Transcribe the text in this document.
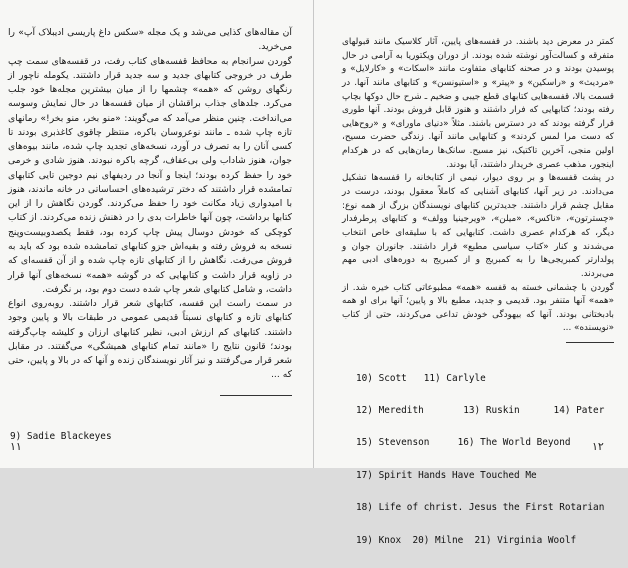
آن مقاله‌های کذایی می‌شد و یک مجله «سکس داغ پاریسی ادیبلاک آپ» را می‌خرید.

گوردن سرانجام به محافظ قفسه‌های کتاب رفت، در قفسه‌های سمت چپ طرف در خروجی کتابهای جدید و سه جدید قرار داشتند. یکومله ناچور از رنگهای روشن که «همه» چشمها را از میان بیشترین مجله‌ها خود جلب می‌کرد. جلدهای جذاب براقشان از میان قفسه‌ها در حال نمایش وسوسه می‌انداخت. چنین منظر می‌آمد که می‌گویند: «منو بخر، منو بخر!» رمانهای تازه چاپ شده ـ مانند نوعروسان باکره، منتظر چاقوی کاغذبری بودند تا کسی آنان را به تصرف در آورد، نسخه‌های تجدید چاپ شده، مانند بیوه‌های جوان، هنوز شاداب ولی بی‌عفاف، گرچه باکره نبودند. هنوز شادی و خرمی خود را حفظ کرده بودند؛ اینجا و آنجا در ردیفهای نیم دوجین تایی کتابهای تمامشده قرار داشتند که دختر ترشیده‌های احساساتی در خانه ماندند، هنوز با امیدواری زیاد مکانت خود را حفظ می‌کردند. گوردن نگاهش را از این کتابها برداشت، چون آنها خاطرات بدی را در ذهنش زنده می‌کردند. از کتاب کوچکی که خودش دوسال پیش چاپ کرده بود، فقط یکصدوبیست‌وپنج نسخه به فروش رفته و بقیه‌اش جزو کتابهای تمامشده شده بود که باید به فروش می‌رفت. نگاهش را از کتابهای تازه چاپ شده و از آن قفسه‌ای که در زاویه قرار داشت و کتابهایی که در گوشه «همه» نسخه‌های آنها قرار داشت، و شامل کتابهای شعر چاپ شده دست دوم بود، بر نگرفت.

در سمت راست این قفسه، کتابهای شعر قرار داشتند. روبه‌روی انواع کتابهای تازه و کتابهای نسبتاً قدیمی عمومی در طبقات بالا و پایین وجود داشتند. کتابهای کم ارزش ادبی، نظیر کتابهای ارزان و کلیشه چاپ‌گرفته بودند؛ قانون نتایج را «مانند تمام کتابهای همیشگی» می‌گفتند. در مقابل شعر قرار می‌گرفتند و نیز آثار نویسندگان زنده و آنها که در بالا و پایین، حتی که ...

9) Sadie Blackeyes

۱۱

کمتر در معرض دید باشند. در قفسه‌های پایین، آثار کلاسیک مانند قبولهای متفرقه و کسالت‌آور نوشته شده بودند. از دوران ویکتوریا به آرامی در حال پوسیدن بودند و در صحنه کتابهای متفاوت مانند «اسکات» و «کارلایل» و «مردیث» و «راسکین» و «پیتر» و «استیونسن» و کتابهای مانند آنها. در قسمت بالا، قفسه‌هایی کتابهای قطع جیبی و ضخیم ـ شرح حال دوکها بچاپ رفته بودند؛ کتابهایی که فرار داشتند و هنوز قابل فروش بودند. آنها طوری قرار گرفته بودند که در دسترس باشند. مثلاً «دنیای ماورای» و «روح‌هایی که دست مرا لمس کردند» و کتابهایی مانند آنها. زندگی حضرت مسیح، اولین منجی، آخرین تاکتیک، نیز مسیح. سانک‌ها رمان‌هایی که در هرکدام اینجور، مذهب عصری خریدار داشتند، آیا بودند.

در پشت قفسه‌ها و بر روی دیوار، نیمی از کتابخانه را قفسه‌ها تشکیل می‌دادند. در زیر آنها، کتابهای آشنایی که کاملاً معقول بودند، درست در مقابل چشم قرار داشتند. جدیدترین کتابهای نویسندگان بزرگ از همه نوع: «چسترتون»، «ناکس»، «میلن»، «ویرجینیا وولف» و کتابهای پرطرفدار دیگر، که هرکدام عصری داشت. کتابهایی که با سلیقه‌ای خاص انتخاب می‌شدند و کنار «کتاب سیاسی مطبع» قرار داشتند. جانوران جوان و پولدارتر کمبریجی‌ها را به کمبریج و از کمبریج به دوره‌های ادبی مهم می‌بردند.

گوردن با چشمانی خسته به قفسه «همه» مطبوعاتی کتاب خیره شد. از «همه» آنها متنفر بود. قدیمی و جدید، مطبع بالا و پایین؛ آنها برای او همه بادبختانی بودند. آنها که بیهودگی خودش تداعی می‌کردند، حتی از کتاب «نویسنده» ...

10) Scott   11) Carlyle

12) Meredith       13) Ruskin      14) Pater

15) Stevenson     16) The World Beyond

17) Spirit Hands Have Touched Me

18) Life of christ. Jesus the First Rotarian

19) Knox  20) Milne  21) Virginia Woolf

۱۲
